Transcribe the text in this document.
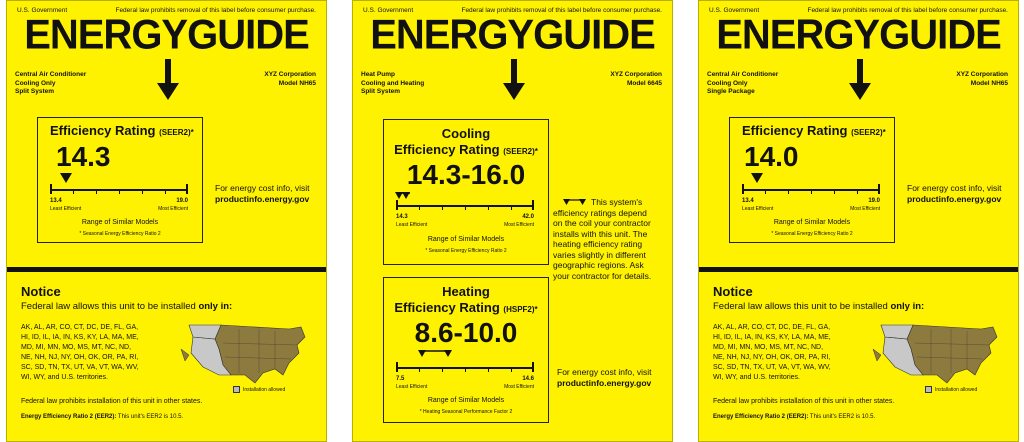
U.S. Government	Federal law prohibits removal of this label before consumer purchase.
ENERGYGUIDE
Central Air Conditioner
Cooling Only
Split System
XYZ Corporation
Model NH65
Efficiency Rating (SEER2)*
14.3
13.4	19.0
Least Efficient	Most Efficient
Range of Similar Models
* Seasonal Energy Efficiency Ratio 2
For energy cost info, visit
productinfo.energy.gov
Notice
Federal law allows this unit to be installed only in:
AK, AL, AR, CO, CT, DC, DE, FL, GA,
HI, ID, IL, IA, IN, KS, KY, LA, MA, ME,
MD, MI, MN, MO, MS, MT, NC, ND,
NE, NH, NJ, NY, OH, OK, OR, PA, RI,
SC, SD, TN, TX, UT, VA, VT, WA, WV,
WI, WY, and U.S. territories.
Installation allowed
Federal law prohibits installation of this unit in other states.
Energy Efficiency Ratio 2 (EER2): This unit's EER2 is 10.5.
U.S. Government	Federal law prohibits removal of this label before consumer purchase.
ENERGYGUIDE
Heat Pump
Cooling and Heating
Split System
XYZ Corporation
Model 6645
Cooling
Efficiency Rating (SEER2)*
14.3-16.0
14.3	42.0
Least Efficient	Most Efficient
Range of Similar Models
* Seasonal Energy Efficiency Ratio 2
Heating
Efficiency Rating (HSPF2)*
8.6-10.0
7.5	14.6
Least Efficient	Most Efficient
Range of Similar Models
* Heating Seasonal Performance Factor 2
This system's
efficiency ratings depend
on the coil your contractor
installs with this unit. The
heating efficiency rating
varies slightly in different
geographic regions. Ask
your contractor for details.
For energy cost info, visit
productinfo.energy.gov
U.S. Government	Federal law prohibits removal of this label before consumer purchase.
ENERGYGUIDE
Central Air Conditioner
Cooling Only
Single Package
XYZ Corporation
Model NH65
Efficiency Rating (SEER2)*
14.0
13.4	19.0
Least Efficient	Most Efficient
Range of Similar Models
* Seasonal Energy Efficiency Ratio 2
For energy cost info, visit
productinfo.energy.gov
Notice
Federal law allows this unit to be installed only in:
AK, AL, AR, CO, CT, DC, DE, FL, GA,
HI, ID, IL, IA, IN, KS, KY, LA, MA, ME,
MD, MI, MN, MO, MS, MT, NC, ND,
NE, NH, NJ, NY, OH, OK, OR, PA, RI,
SC, SD, TN, TX, UT, VA, VT, WA, WV,
WI, WY, and U.S. territories.
Installation allowed
Federal law prohibits installation of this unit in other states.
Energy Efficiency Ratio 2 (EER2): This unit's EER2 is 10.5.
